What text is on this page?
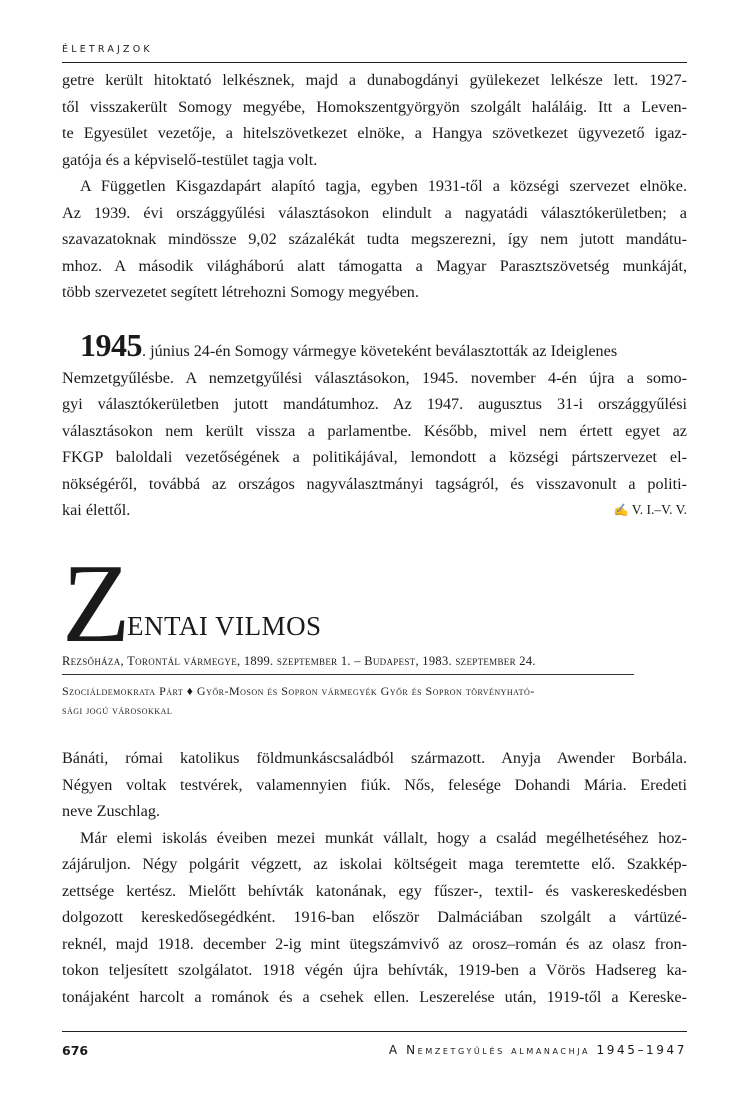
ÉLETRAJZOK

getre került hitoktató lelkésznek, majd a dunabogdányi gyülekezet lelkésze lett. 1927-
től visszakerült Somogy megyébe, Homokszentgyörgyön szolgált haláláig. Itt a Leven-
te Egyesület vezetője, a hitelszövetkezet elnöke, a Hangya szövetkezet ügyvezető igaz-
gatója és a képviselő-testület tagja volt.

A Független Kisgazdapárt alapító tagja, egyben 1931-től a községi szervezet elnöke.

Az 1939. évi országgyűlési választásokon elindult a nagyatádi választókerületben; a
szavazatoknak mindössze 9,02 százalékát tudta megszerezni, így nem jutott mandátu-
mhoz. A második világháború alatt támogatta a Magyar Parasztszövetség munkáját,
több szervezetet segített létrehozni Somogy megyében.

1945. június 24-én Somogy vármegye követeként beválasztották az Ideiglenes
Nemzetgyűlésbe. A nemzetgyűlési választásokon, 1945. november 4-én újra a somo-
gyi választókerületben jutott mandátumhoz. Az 1947. augusztus 31-i országgyűlési
választásokon nem került vissza a parlamentbe. Később, mivel nem értett egyet az
FKGP baloldali vezetőségének a politikájával, lemondott a községi pártszervezet el-
nökségéről, továbbá az országos nagyválasztmányi tagságról, és visszavonult a politi-
kai élettől.	✍ V. I.–V. V.
Z
ENTAI VILMOS
Rezsőháza, Torontál vármegye, 1899. szeptember 1. – Budapest, 1983. szeptember 24.
Szociáldemokrata Párt ♦ Győr-Moson és Sopron vármegyék Győr és Sopron törvényható-
sági jogú városokkal

Bánáti, római katolikus földmunkáscsaládból származott. Anyja Awender Borbála.
Négyen voltak testvérek, valamennyien fiúk. Nős, felesége Dohandi Mária. Eredeti
neve Zuschlag.

Már elemi iskolás éveiben mezei munkát vállalt, hogy a család megélhetéséhez hoz-

zájáruljon. Négy polgárit végzett, az iskolai költségeit maga teremtette elő. Szakkép-
zettsége kertész. Mielőtt behívták katonának, egy fűszer-, textil- és vaskereskedésben
dolgozott kereskedősegédként. 1916-ban először Dalmáciában szolgált a vártüzé-
reknél, majd 1918. december 2-ig mint ütegszámvivő az orosz–román és az olasz fron-
tokon teljesített szolgálatot. 1918 végén újra behívták, 1919-ben a Vörös Hadsereg ka-
tonájaként harcolt a románok és a csehek ellen. Leszerelése után, 1919-től a Kereske-

676	A Nemzetgyűlés almanachja 1945–1947
